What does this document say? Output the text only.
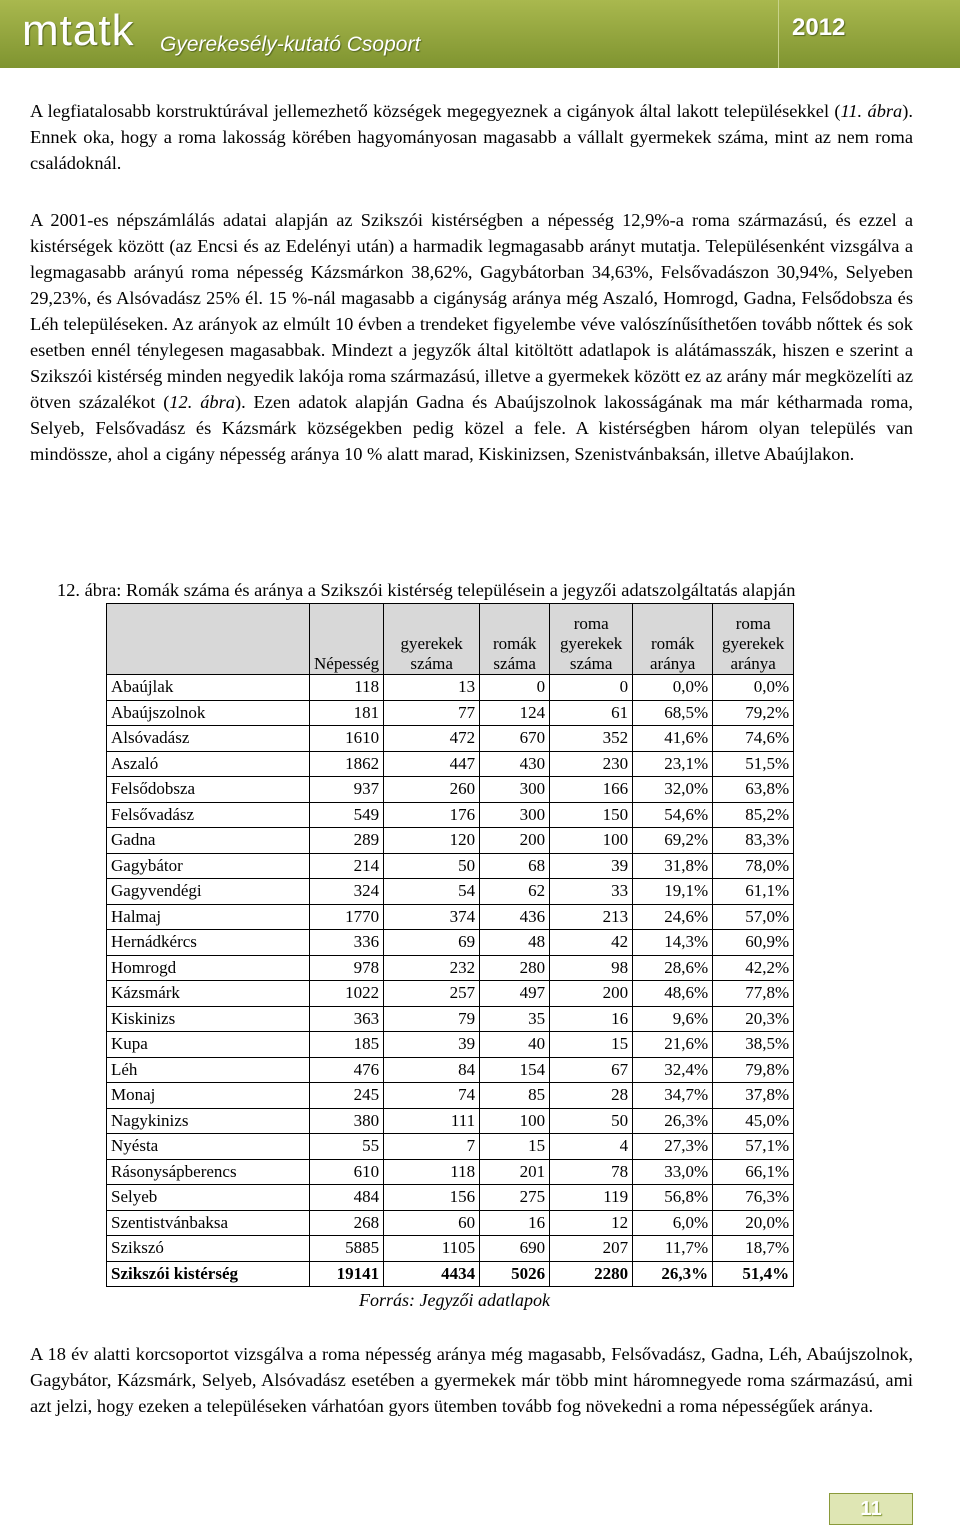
mtatk Gyerekesély-kutató Csoport
2012
A legfiatalosabb korstruktúrával jellemezhető községek megegyeznek a cigányok által lakott településekkel (11. ábra). Ennek oka, hogy a roma lakosság körében hagyományosan magasabb a vállalt gyermekek száma, mint az nem roma családoknál.
A 2001-es népszámlálás adatai alapján az Szikszói kistérségben a népesség 12,9%-a roma származású, és ezzel a kistérségek között (az Encsi és az Edelényi után) a harmadik legmagasabb arányt mutatja. Településenként vizsgálva a legmagasabb arányú roma népesség Kázsmárkon 38,62%, Gagybátorban 34,63%, Felsővadászon 30,94%, Selyeben 29,23%, és Alsóvadász 25% él. 15 %-nál magasabb a cigányság aránya még Aszaló, Homrogd, Gadna, Felsődobsza és Léh településeken. Az arányok az elmúlt 10 évben a trendeket figyelembe véve valószínűsíthetően tovább nőttek és sok esetben ennél ténylegesen magasabbak. Mindezt a jegyzők által kitöltött adatlapok is alátámasszák, hiszen e szerint a Szikszói kistérség minden negyedik lakója roma származású, illetve a gyermekek között ez az arány már megközelíti az ötven százalékot (12. ábra). Ezen adatok alapján Gadna és Abaújszolnok lakosságának ma már kétharmada roma, Selyeb, Felsővadász és Kázsmárk községekben pedig közel a fele. A kistérségben három olyan település van mindössze, ahol a cigány népesség aránya 10 % alatt marad, Kiskinizsen, Szenistvánbaksán, illetve Abaújlakon.
12. ábra: Romák száma és aránya a Szikszói kistérség településein a jegyzői adatszolgáltatás alapján
	Népesség	gyerekek száma	romák száma	roma gyerekek száma	romák aránya	roma gyerekek aránya
Abaújlak	118	13	0	0	0,0%	0,0%
Abaújszolnok	181	77	124	61	68,5%	79,2%
Alsóvadász	1610	472	670	352	41,6%	74,6%
Aszaló	1862	447	430	230	23,1%	51,5%
Felsődobsza	937	260	300	166	32,0%	63,8%
Felsővadász	549	176	300	150	54,6%	85,2%
Gadna	289	120	200	100	69,2%	83,3%
Gagybátor	214	50	68	39	31,8%	78,0%
Gagyvendégi	324	54	62	33	19,1%	61,1%
Halmaj	1770	374	436	213	24,6%	57,0%
Hernádkércs	336	69	48	42	14,3%	60,9%
Homrogd	978	232	280	98	28,6%	42,2%
Kázsmárk	1022	257	497	200	48,6%	77,8%
Kiskinizs	363	79	35	16	9,6%	20,3%
Kupa	185	39	40	15	21,6%	38,5%
Léh	476	84	154	67	32,4%	79,8%
Monaj	245	74	85	28	34,7%	37,8%
Nagykinizs	380	111	100	50	26,3%	45,0%
Nyésta	55	7	15	4	27,3%	57,1%
Rásonysápberencs	610	118	201	78	33,0%	66,1%
Selyeb	484	156	275	119	56,8%	76,3%
Szentistvánbaksa	268	60	16	12	6,0%	20,0%
Szikszó	5885	1105	690	207	11,7%	18,7%
Szikszói kistérség	19141	4434	5026	2280	26,3%	51,4%
Forrás: Jegyzői adatlapok
A 18 év alatti korcsoportot vizsgálva a roma népesség aránya még magasabb, Felsővadász, Gadna, Léh, Abaújszolnok, Gagybátor, Kázsmárk, Selyeb, Alsóvadász esetében a gyermekek már több mint háromnegyede roma származású, ami azt jelzi, hogy ezeken a településeken várhatóan gyors ütemben tovább fog növekedni a roma népességűek aránya.
11
